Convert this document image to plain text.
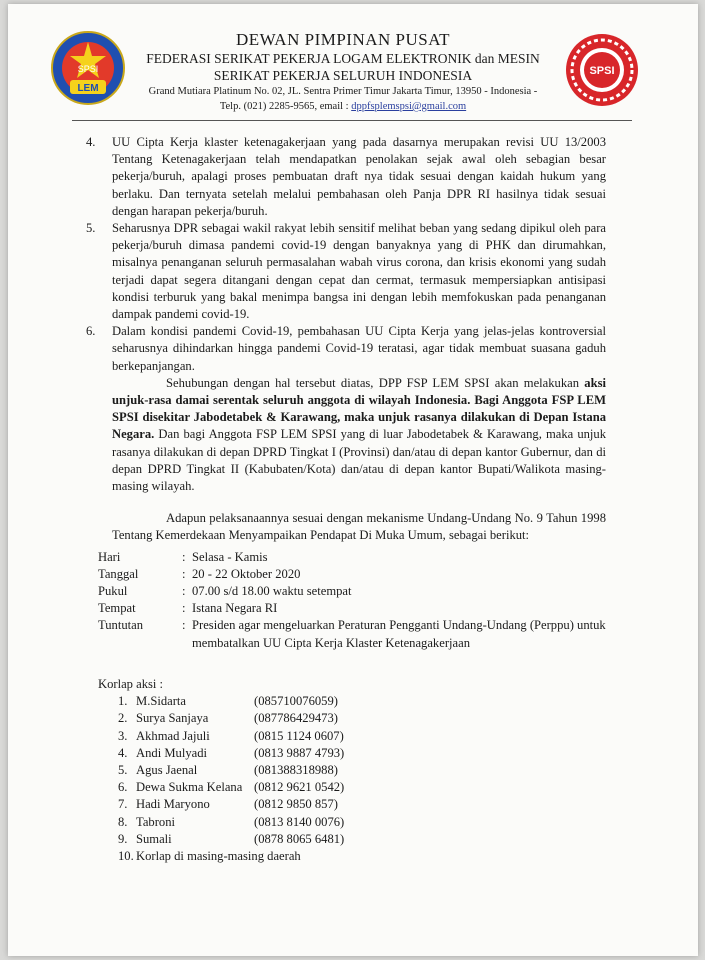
SPSI
LEM
DEWAN PIMPINAN PUSAT
FEDERASI SERIKAT PEKERJA LOGAM ELEKTRONIK dan MESIN
SERIKAT PEKERJA SELURUH INDONESIA
Grand Mutiara Platinum No. 02, JL. Sentra Primer Timur Jakarta Timur, 13950 - Indonesia -
Telp. (021) 2285-9565, email : dppfsplemspsi@gmail.com
SPSI
4.	UU Cipta Kerja klaster ketenagakerjaan yang pada dasarnya merupakan revisi UU 13/2003 Tentang Ketenagakerjaan telah mendapatkan penolakan sejak awal oleh sebagian besar pekerja/buruh, apalagi proses pembuatan draft nya tidak sesuai dengan kaidah hukum yang berlaku. Dan ternyata setelah melalui pembahasan oleh Panja DPR RI hasilnya tidak sesuai dengan harapan pekerja/buruh.
5.	Seharusnya DPR sebagai wakil rakyat lebih sensitif melihat beban yang sedang dipikul oleh para pekerja/buruh dimasa pandemi covid-19 dengan banyaknya yang di PHK dan dirumahkan, misalnya penanganan seluruh permasalahan wabah virus corona, dan krisis ekonomi yang sudah terjadi dapat segera ditangani dengan cepat dan cermat, termasuk mempersiapkan antisipasi kondisi terburuk yang bakal menimpa bangsa ini dengan lebih memfokuskan pada penanganan dampak pandemi covid-19.
6.	Dalam kondisi pandemi Covid-19, pembahasan UU Cipta Kerja yang jelas-jelas kontroversial seharusnya dihindarkan hingga pandemi Covid-19 teratasi, agar tidak membuat suasana gaduh berkepanjangan.

Sehubungan dengan hal tersebut diatas, DPP FSP LEM SPSI akan melakukan aksi unjuk-rasa damai serentak seluruh anggota di wilayah Indonesia. Bagi Anggota FSP LEM SPSI disekitar Jabodetabek & Karawang, maka unjuk rasanya dilakukan di Depan Istana Negara. Dan bagi Anggota FSP LEM SPSI yang di luar Jabodetabek & Karawang, maka unjuk rasanya dilakukan di depan DPRD Tingkat I (Provinsi) dan/atau di depan kantor Gubernur, dan di depan DPRD Tingkat II (Kabubaten/Kota) dan/atau di depan kantor Bupati/Walikota masing-masing wilayah.

Adapun pelaksanaannya sesuai dengan mekanisme Undang-Undang No. 9 Tahun 1998 Tentang Kemerdekaan Menyampaikan Pendapat Di Muka Umum, sebagai berikut:

Hari	: Selasa - Kamis
Tanggal	: 20 - 22 Oktober 2020
Pukul	: 07.00 s/d 18.00 waktu setempat
Tempat	: Istana Negara RI
Tuntutan	: Presiden agar mengeluarkan Peraturan Pengganti Undang-Undang (Perppu) untuk membatalkan UU Cipta Kerja Klaster Ketenagakerjaan
Korlap aksi :
1. M.Sidarta	(085710076059)
2. Surya Sanjaya	(087786429473)
3. Akhmad Jajuli	(0815 1124 0607)
4. Andi Mulyadi	(0813 9887 4793)
5. Agus Jaenal	(081388318988)
6. Dewa Sukma Kelana (0812 9621 0542)
7. Hadi Maryono	(0812 9850 857)
8. Tabroni	(0813 8140 0076)
9. Sumali	(0878 8065 6481)
10. Korlap di masing-masing daerah
